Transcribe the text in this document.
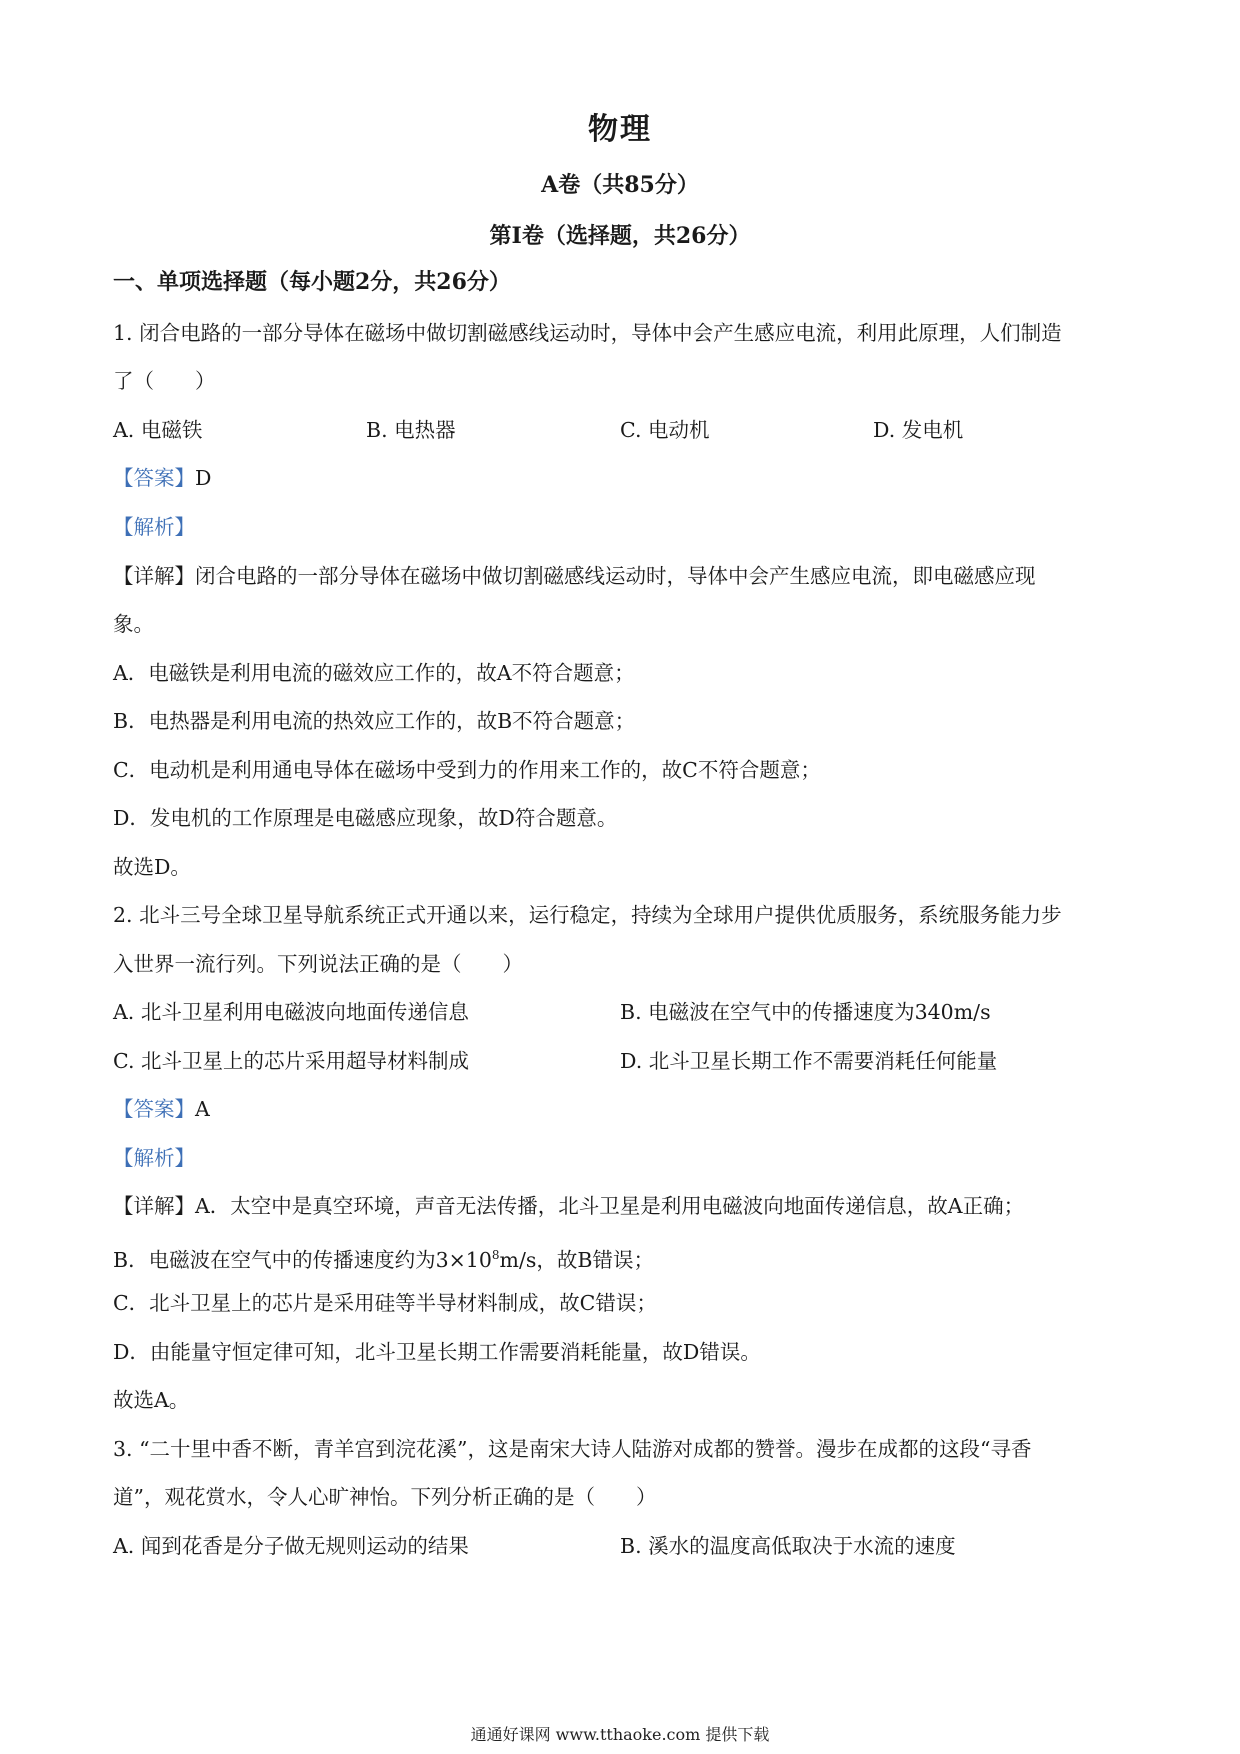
物理
A卷（共85分）
第I卷（选择题，共26分）
一、单项选择题（每小题2分，共26分）
1. 闭合电路的一部分导体在磁场中做切割磁感线运动时，导体中会产生感应电流，利用此原理，人们制造
了（　　）
A. 电磁铁	B. 电热器	C. 电动机	D. 发电机
【答案】D
【解析】
【详解】闭合电路的一部分导体在磁场中做切割磁感线运动时，导体中会产生感应电流，即电磁感应现
象。
A．电磁铁是利用电流的磁效应工作的，故A不符合题意；
B．电热器是利用电流的热效应工作的，故B不符合题意；
C．电动机是利用通电导体在磁场中受到力的作用来工作的，故C不符合题意；
D．发电机的工作原理是电磁感应现象，故D符合题意。
故选D。
2. 北斗三号全球卫星导航系统正式开通以来，运行稳定，持续为全球用户提供优质服务，系统服务能力步
入世界一流行列。下列说法正确的是（　　）
A. 北斗卫星利用电磁波向地面传递信息	B. 电磁波在空气中的传播速度为340m/s
C. 北斗卫星上的芯片采用超导材料制成	D. 北斗卫星长期工作不需要消耗任何能量
【答案】A
【解析】
【详解】A．太空中是真空环境，声音无法传播，北斗卫星是利用电磁波向地面传递信息，故A正确；
B．电磁波在空气中的传播速度约为$3\times 10^8m/s$，故B错误；
C．北斗卫星上的芯片是采用硅等半导材料制成，故C错误；
D．由能量守恒定律可知，北斗卫星长期工作需要消耗能量，故D错误。
故选A。
3. “二十里中香不断，青羊宫到浣花溪”，这是南宋大诗人陆游对成都的赞誉。漫步在成都的这段“寻香
道”，观花赏水，令人心旷神怡。下列分析正确的是（　　）
A. 闻到花香是分子做无规则运动的结果	B. 溪水的温度高低取决于水流的速度
通通好课网 www.tthaoke.com 提供下载
